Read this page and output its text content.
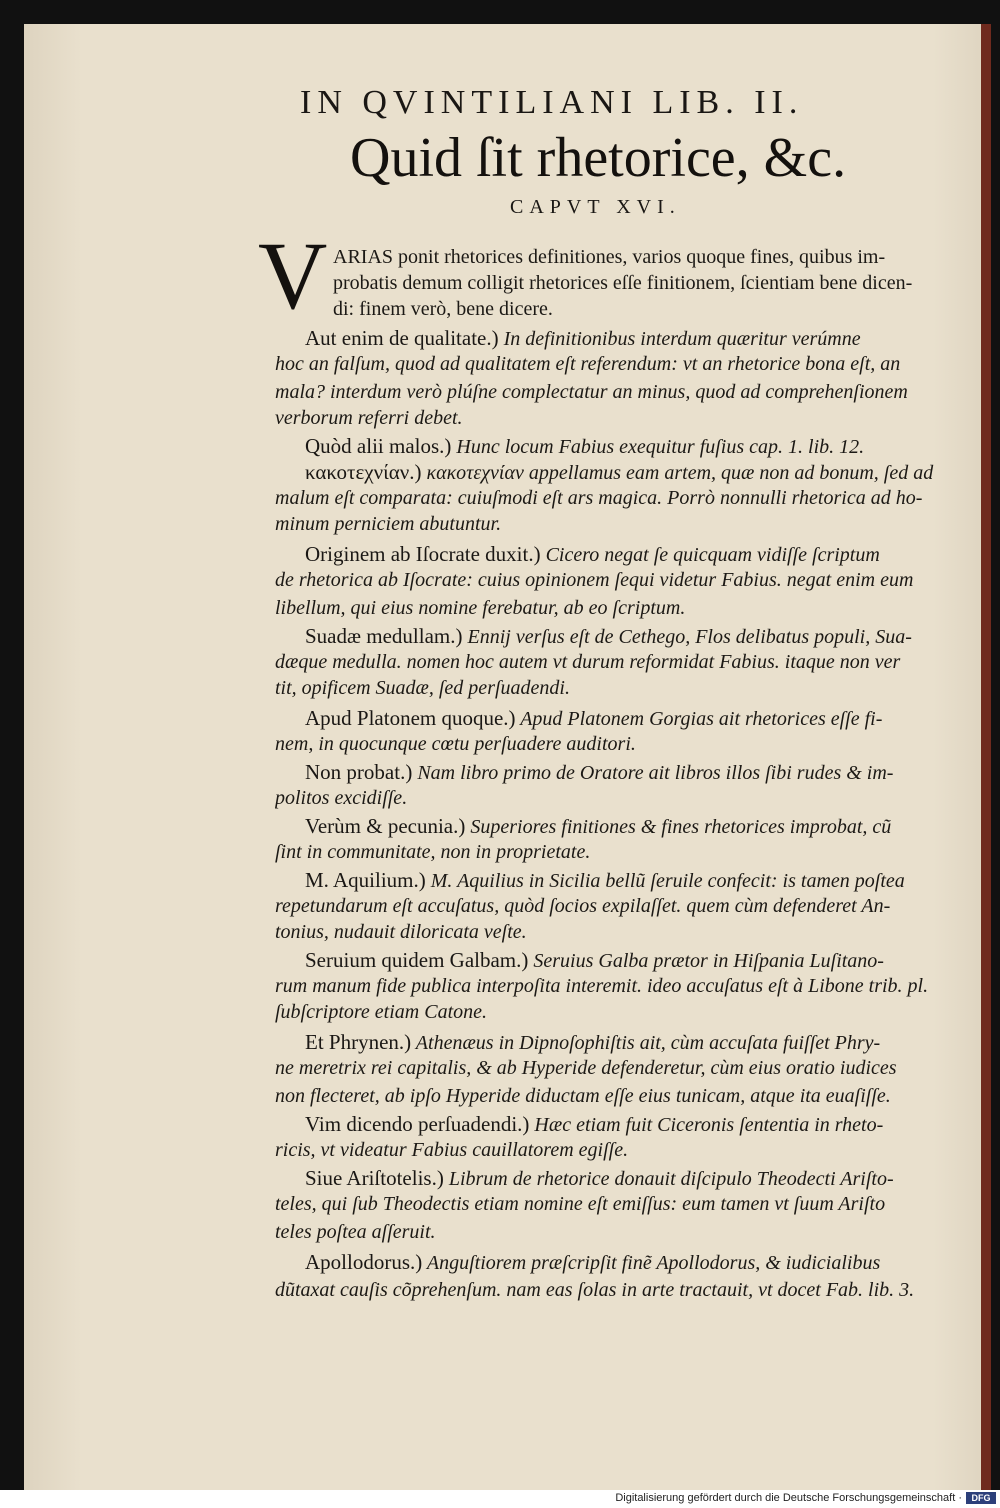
IN QVINTILIANI LIB. II.
Quid ſit rhetorice, &c.
CAPVT XVI.
V ARIAS ponit rhetorices definitiones, varios quoque fines, quibus im-
probatis demum colligit rhetorices eſſe finitionem, ſcientiam bene dicen-
di: finem verò, bene dicere.
Aut enim de qualitate.) In definitionibus interdum quæritur verúmne
hoc an falſum, quod ad qualitatem eſt referendum: vt an rhetorice bona eſt, an
mala? interdum verò plúſne complectatur an minus, quod ad comprehenſionem
verborum referri debet.
Quòd alii malos.) Hunc locum Fabius exequitur fuſius cap. 1. lib. 12.
κακοτεχνίαν.) κακοτεχνίαν appellamus eam artem, quæ non ad bonum, ſed ad
malum eſt comparata: cuiuſmodi eſt ars magica. Porrò nonnulli rhetorica ad ho-
minum perniciem abutuntur.
Originem ab Iſocrate duxit.) Cicero negat ſe quicquam vidiſſe ſcriptum
de rhetorica ab Iſocrate: cuius opinionem ſequi videtur Fabius. negat enim eum
libellum, qui eius nomine ferebatur, ab eo ſcriptum.
Suadæ medullam.) Ennij verſus eſt de Cethego, Flos delibatus populi, Sua-
dæque medulla. nomen hoc autem vt durum reformidat Fabius. itaque non ver
tit, opificem Suadæ, ſed perſuadendi.
Apud Platonem quoque.) Apud Platonem Gorgias ait rhetorices eſſe fi-
nem, in quocunque cœtu perſuadere auditori.
Non probat.) Nam libro primo de Oratore ait libros illos ſibi rudes & im-
politos excidiſſe.
Verùm & pecunia.) Superiores finitiones & fines rhetorices improbat, cũ
ſint in communitate, non in proprietate.
M. Aquilium.) M. Aquilius in Sicilia bellũ ſeruile confecit: is tamen poſtea
repetundarum eſt accuſatus, quòd ſocios expilaſſet. quem cùm defenderet An-
tonius, nudauit diloricata veſte.
Seruium quidem Galbam.) Seruius Galba prætor in Hiſpania Luſitano-
rum manum fide publica interpoſita interemit. ideo accuſatus eſt à Libone trib. pl.
ſubſcriptore etiam Catone.
Et Phrynen.) Athenæus in Dipnoſophiſtis ait, cùm accuſata fuiſſet Phry-
ne meretrix rei capitalis, & ab Hyperide defenderetur, cùm eius oratio iudices
non flecteret, ab ipſo Hyperide diductam eſſe eius tunicam, atque ita euaſiſſe.
Vim dicendo perſuadendi.) Hæc etiam fuit Ciceronis ſententia in rheto-
ricis, vt videatur Fabius cauillatorem egiſſe.
Siue Ariſtotelis.) Librum de rhetorice donauit diſcipulo Theodecti Ariſto-
teles, qui ſub Theodectis etiam nomine eſt emiſſus: eum tamen vt ſuum Ariſto
teles poſtea aſſeruit.
Apollodorus.) Anguſtiorem præſcripſit finẽ Apollodorus, & iudicialibus
dũtaxat cauſis cõprehenſum. nam eas ſolas in arte tractauit, vt docet Fab. lib. 3.
Digitalisierung gefördert durch die Deutsche Forschungsgemeinschaft ·	DFG
